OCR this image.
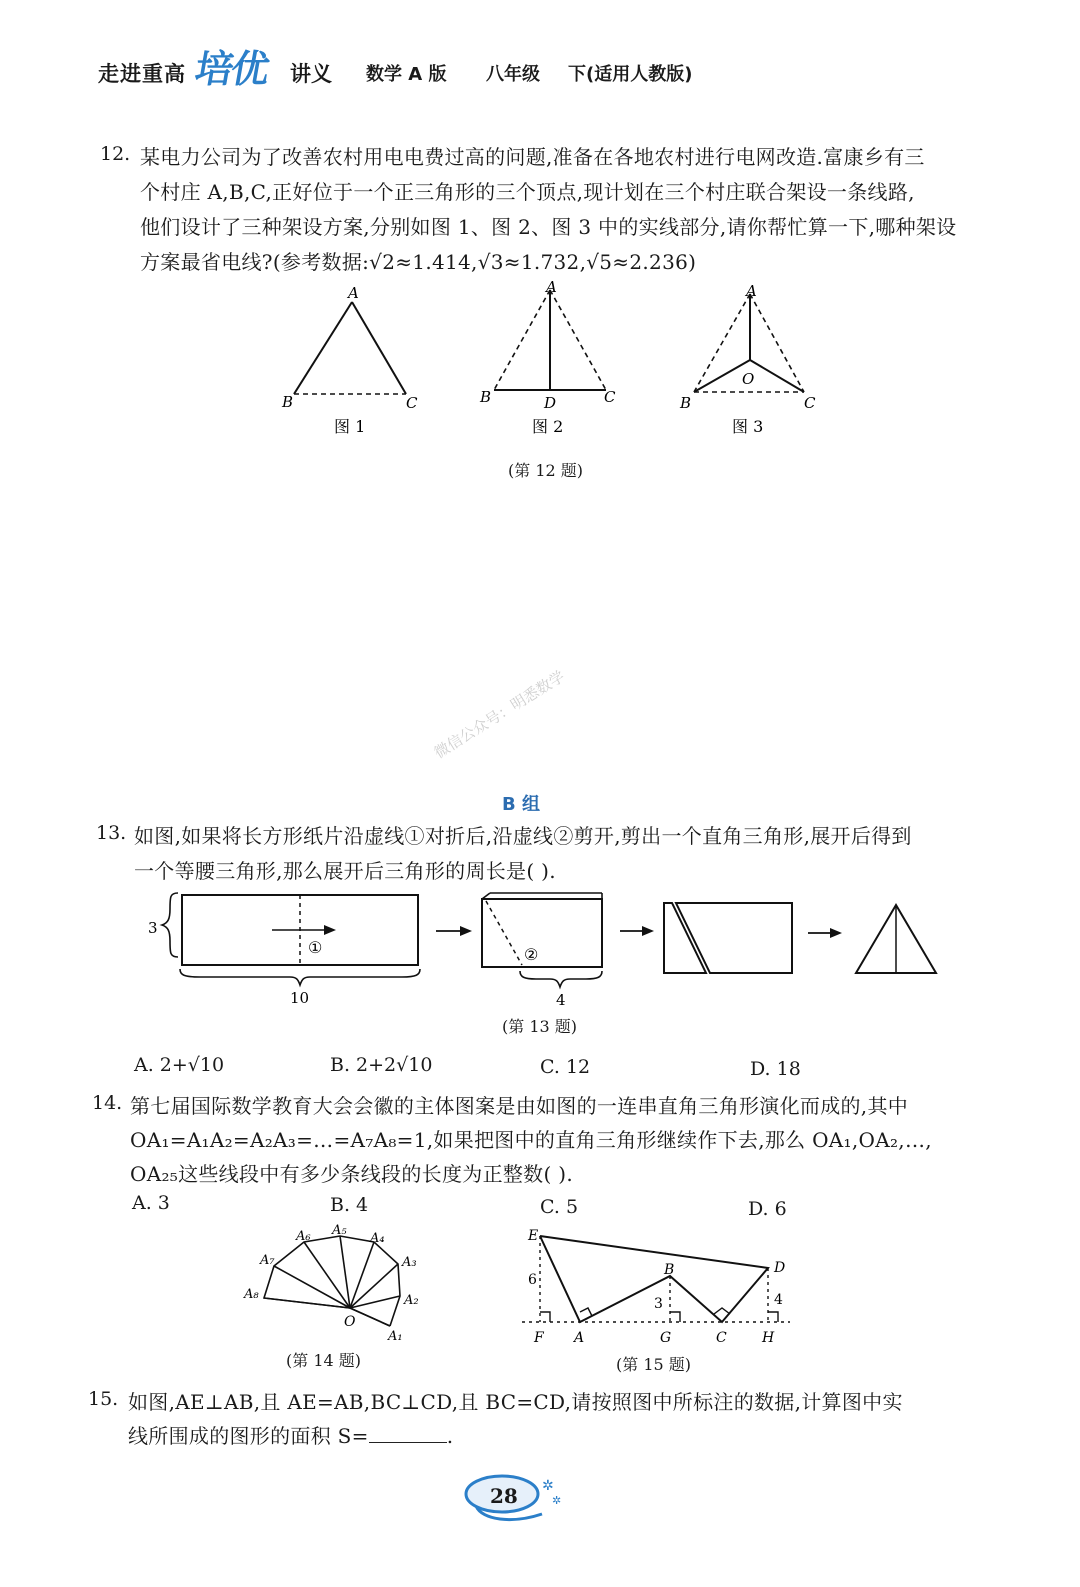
走进重高 培优 讲义 数学 A 版 八年级 下(适用人教版)
12. 某电力公司为了改善农村用电电费过高的问题,准备在各地农村进行电网改造.富康乡有三
个村庄 A,B,C,正好位于一个正三角形的三个顶点,现计划在三个村庄联合架设一条线路,
他们设计了三种架设方案,分别如图 1、图 2、图 3 中的实线部分,请你帮忙算一下,哪种架设
方案最省电线?(参考数据:√2≈1.414,√3≈1.732,√5≈2.236)
A
B	C
图 1
A
B	C
D
图 2
A
B	C
O
图 3
(第 12 题)
微信公众号：明悉数学
B 组
13. 如图,如果将长方形纸片沿虚线①对折后,沿虚线②剪开,剪出一个直角三角形,展开后得到
一个等腰三角形,那么展开后三角形的周长是( ).
3
①
10
②
4
(第 13 题)
A. 2+√10	B. 2+2√10	C. 12	D. 18
14. 第七届国际数学教育大会会徽的主体图案是由如图的一连串直角三角形演化而成的,其中
OA₁=A₁A₂=A₂A₃=…=A₇A₈=1,如果把图中的直角三角形继续作下去,那么 OA₁,OA₂,…,
OA₂₅这些线段中有多少条线段的长度为正整数( ).
A. 3	B. 4	C. 5	D. 6
A₁
A₂
A₃
A₄
A₅
A₆
A₇
A₈
O
(第 14 题)
E
B	D
F A	G	C	H
6
3	4
(第 15 题)
15. 如图,AE⊥AB,且 AE=AB,BC⊥CD,且 BC=CD,请按照图中所标注的数据,计算图中实
线所围成的图形的面积 S=	.
✲
✲
28
